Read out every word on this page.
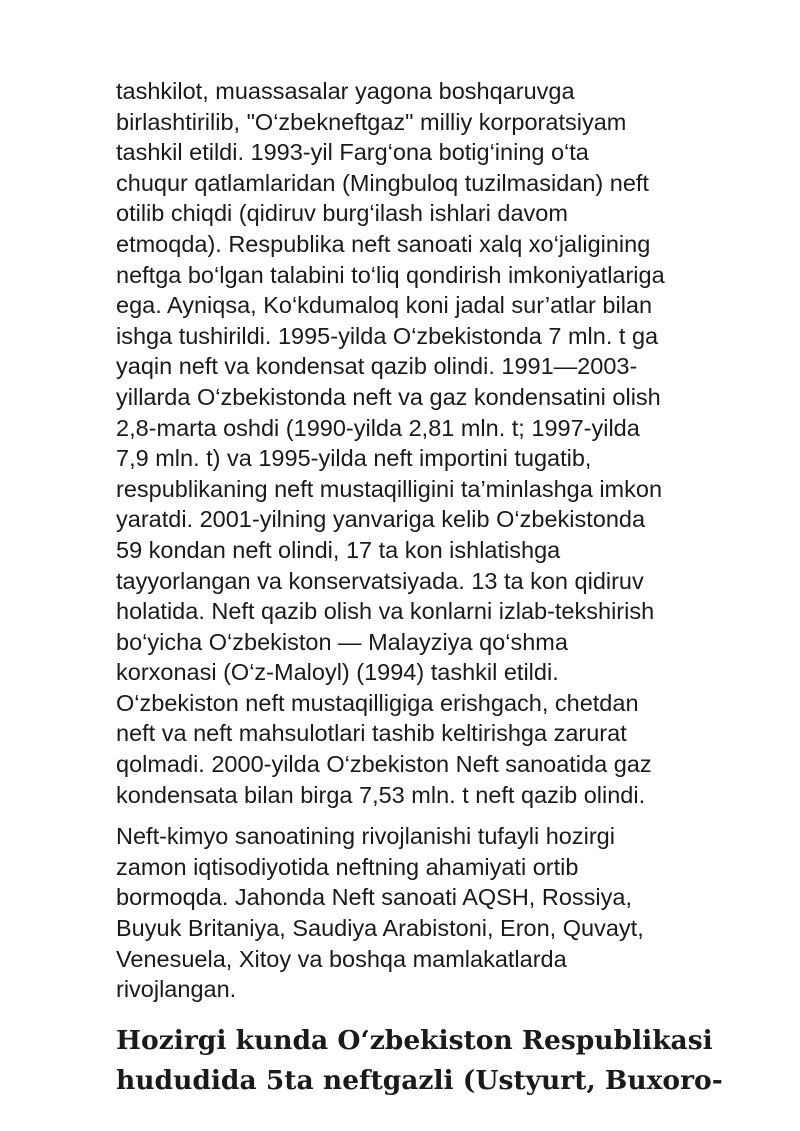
tashkilot, muassasalar yagona boshqaruvga
birlashtirilib, "O‘zbekneftgaz" milliy korporatsiyam
tashkil etildi. 1993-yil Farg‘ona botig‘ining o‘ta
chuqur qatlamlaridan (Mingbuloq tuzilmasidan) neft
otilib chiqdi (qidiruv burg‘ilash ishlari davom
etmoqda). Respublika neft sanoati xalq xo‘jaligining
neftga bo‘lgan talabini to‘liq qondirish imkoniyatlariga
ega. Ayniqsa, Ko‘kdumaloq koni jadal sur’atlar bilan
ishga tushirildi. 1995-yilda O‘zbekistonda 7 mln. t ga
yaqin neft va kondensat qazib olindi. 1991—2003-
yillarda O‘zbekistonda neft va gaz kondensatini olish
2,8-marta oshdi (1990-yilda 2,81 mln. t; 1997-yilda
7,9 mln. t) va 1995-yilda neft importini tugatib,
respublikaning neft mustaqilligini ta’minlashga imkon
yaratdi. 2001-yilning yanvariga kelib O‘zbekistonda
59 kondan neft olindi, 17 ta kon ishlatishga
tayyorlangan va konservatsiyada. 13 ta kon qidiruv
holatida. Neft qazib olish va konlarni izlab-tekshirish
bo‘yicha O‘zbekiston — Malayziya qo‘shma
korxonasi (O‘z-Maloyl) (1994) tashkil etildi.
O‘zbekiston neft mustaqilligiga erishgach, chetdan
neft va neft mahsulotlari tashib keltirishga zarurat
qolmadi. 2000-yilda O‘zbekiston Neft sanoatida gaz
kondensata bilan birga 7,53 mln. t neft qazib olindi.

Neft-kimyo sanoatining rivojlanishi tufayli hozirgi
zamon iqtisodiyotida neftning ahamiyati ortib
bormoqda. Jahonda Neft sanoati AQSH, Rossiya,
Buyuk Britaniya, Saudiya Arabistoni, Eron, Quvayt,
Venesuela, Xitoy va boshqa mamlakatlarda
rivojlangan.

Hozirgi kunda O‘zbekiston Respublikasi
hududida 5ta neftgazli (Ustyurt, Buxoro-
